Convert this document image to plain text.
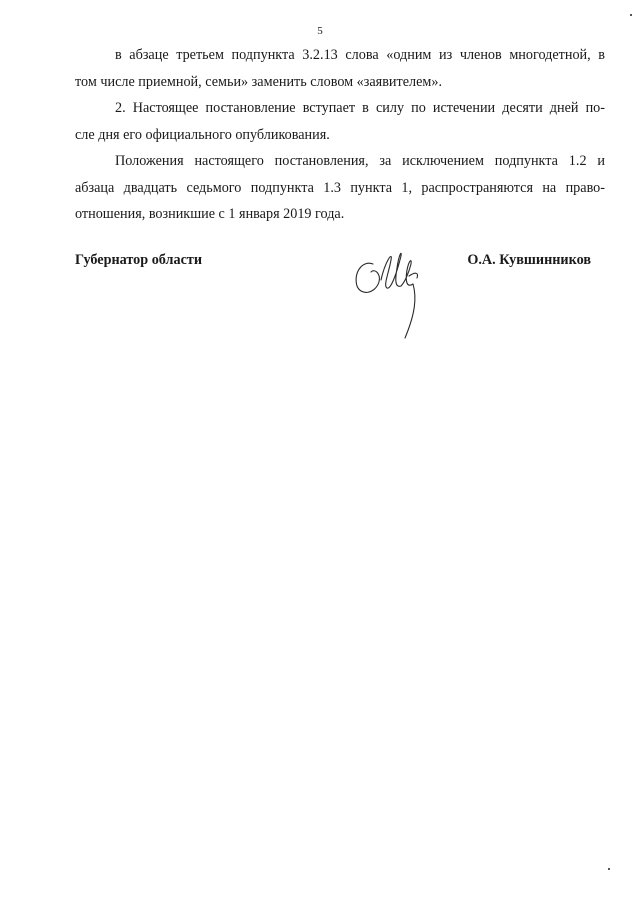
5

в абзаце третьем подпункта 3.2.13 слова «одним из членов многодетной, в
том числе приемной, семьи» заменить словом «заявителем».

2. Настоящее постановление вступает в силу по истечении десяти дней по-
сле дня его официального опубликования.

Положения настоящего постановления, за исключением подпункта 1.2 и
абзаца двадцать седьмого подпункта 1.3 пункта 1, распространяются на право-
отношения, возникшие с 1 января 2019 года.

Губернатор области	О.А. Кувшинников
